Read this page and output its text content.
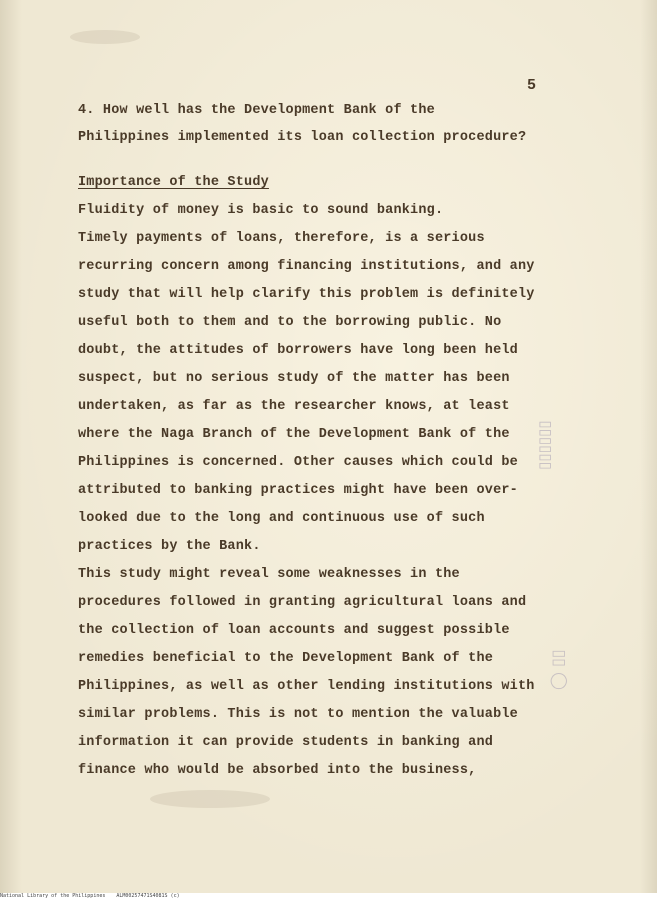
5

4. How well has the Development Bank of the

Philippines implemented its loan collection procedure?

Importance of the Study

Fluidity of money is basic to sound banking.

Timely payments of loans, therefore, is a serious

recurring concern among financing institutions, and any

study that will help clarify this problem is definitely

useful both to them and to the borrowing public. No

doubt, the attitudes of borrowers have long been held

suspect, but no serious study of the matter has been

undertaken, as far as the researcher knows, at least

where the Naga Branch of the Development Bank of the

Philippines is concerned. Other causes which could be

attributed to banking practices might have been over-

looked due to the long and continuous use of such

practices by the Bank.

This study might reveal some weaknesses in the

procedures followed in granting agricultural loans and

the collection of loan accounts and suggest possible

remedies beneficial to the Development Bank of the

Philippines, as well as other lending institutions with

similar problems. This is not to mention the valuable

information it can provide students in banking and

finance who would be absorbed into the business,

▯▯▯▯▯▯
◯ ▯▯
National Library of the Philippines ALM00257471S4081S (c)
